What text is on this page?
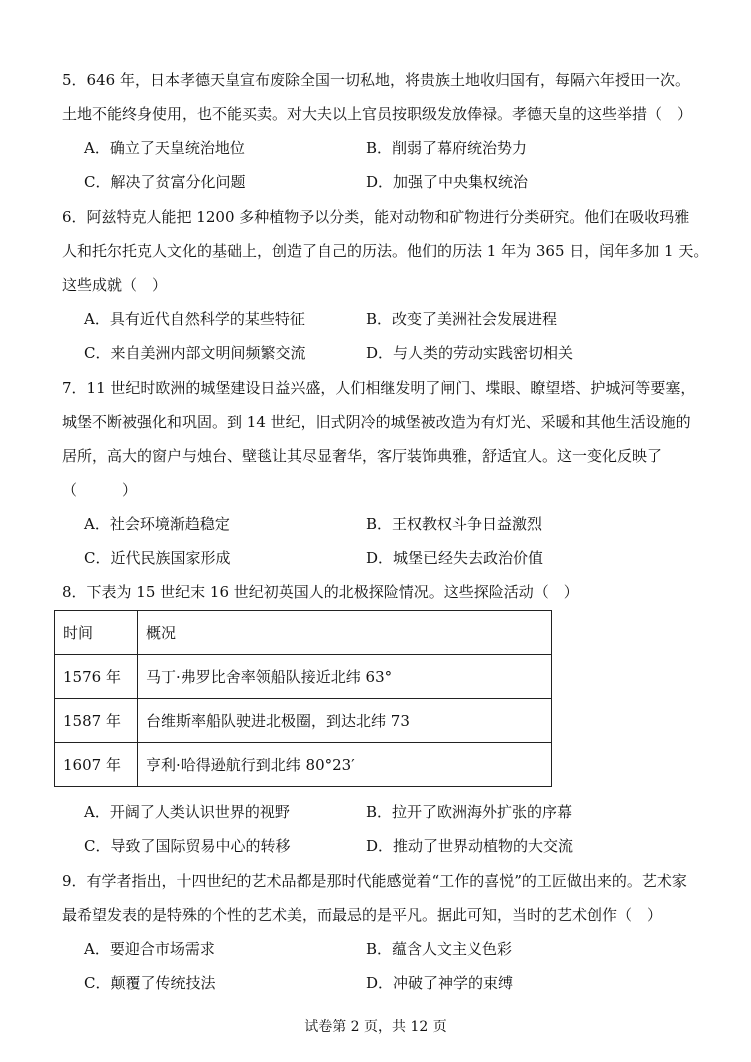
5．646 年，日本孝德天皇宣布废除全国一切私地，将贵族土地收归国有，每隔六年授田一次。
土地不能终身使用，也不能买卖。对大夫以上官员按职级发放俸禄。孝德天皇的这些举措（　）
A．确立了天皇统治地位	B．削弱了幕府统治势力
C．解决了贫富分化问题	D．加强了中央集权统治
6．阿兹特克人能把 1200 多种植物予以分类，能对动物和矿物进行分类研究。他们在吸收玛雅
人和托尔托克人文化的基础上，创造了自己的历法。他们的历法 1 年为 365 日，闰年多加 1 天。
这些成就（　）
A．具有近代自然科学的某些特征	B．改变了美洲社会发展进程
C．来自美洲内部文明间频繁交流	D．与人类的劳动实践密切相关
7．11 世纪时欧洲的城堡建设日益兴盛，人们相继发明了闸门、堞眼、瞭望塔、护城河等要塞，
城堡不断被强化和巩固。到 14 世纪，旧式阴冷的城堡被改造为有灯光、采暖和其他生活设施的
居所，高大的窗户与烛台、壁毯让其尽显奢华，客厅装饰典雅，舒适宜人。这一变化反映了
（　　　）
A．社会环境渐趋稳定	B．王权教权斗争日益激烈
C．近代民族国家形成	D．城堡已经失去政治价值
8．下表为 15 世纪末 16 世纪初英国人的北极探险情况。这些探险活动（　）
时间	概况
1576 年	马丁·弗罗比舍率领船队接近北纬 63°
1587 年	台维斯率船队驶进北极圈，到达北纬 73
1607 年	亨利·哈得逊航行到北纬 80°23′
A．开阔了人类认识世界的视野	B．拉开了欧洲海外扩张的序幕
C．导致了国际贸易中心的转移	D．推动了世界动植物的大交流
9．有学者指出，十四世纪的艺术品都是那时代能感觉着“工作的喜悦”的工匠做出来的。艺术家
最希望发表的是特殊的个性的艺术美，而最忌的是平凡。据此可知，当时的艺术创作（　）
A．要迎合市场需求	B．蕴含人文主义色彩
C．颠覆了传统技法	D．冲破了神学的束缚
试卷第 2 页，共 12 页
